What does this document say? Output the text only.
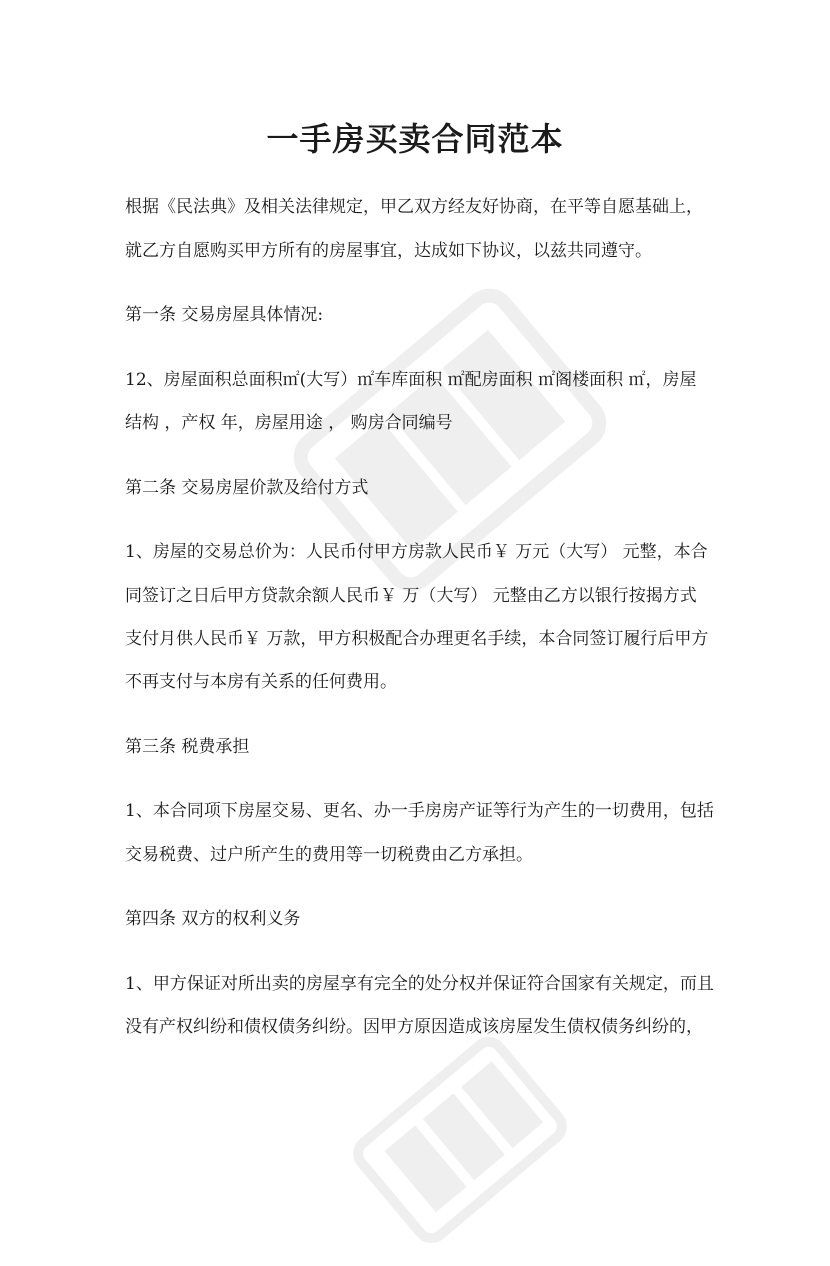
一手房买卖合同范本
根据《民法典》及相关法律规定，甲乙双方经友好协商，在平等自愿基础上，
就乙方自愿购买甲方所有的房屋事宜，达成如下协议，以兹共同遵守。
第一条 交易房屋具体情况:
12、房屋面积总面积㎡(大写）㎡车库面积 ㎡配房面积 ㎡阁楼面积 ㎡，房屋
结构 ，产权 年，房屋用途 ， 购房合同编号
第二条 交易房屋价款及给付方式
1、房屋的交易总价为：人民币付甲方房款人民币￥ 万元（大写） 元整，本合
同签订之日后甲方贷款余额人民币￥ 万（大写） 元整由乙方以银行按揭方式
支付月供人民币￥ 万款，甲方积极配合办理更名手续，本合同签订履行后甲方
不再支付与本房有关系的任何费用。
第三条 税费承担
1、本合同项下房屋交易、更名、办一手房房产证等行为产生的一切费用，包括
交易税费、过户所产生的费用等一切税费由乙方承担。
第四条 双方的权利义务
1、甲方保证对所出卖的房屋享有完全的处分权并保证符合国家有关规定，而且
没有产权纠纷和债权债务纠纷。因甲方原因造成该房屋发生债权债务纠纷的，
